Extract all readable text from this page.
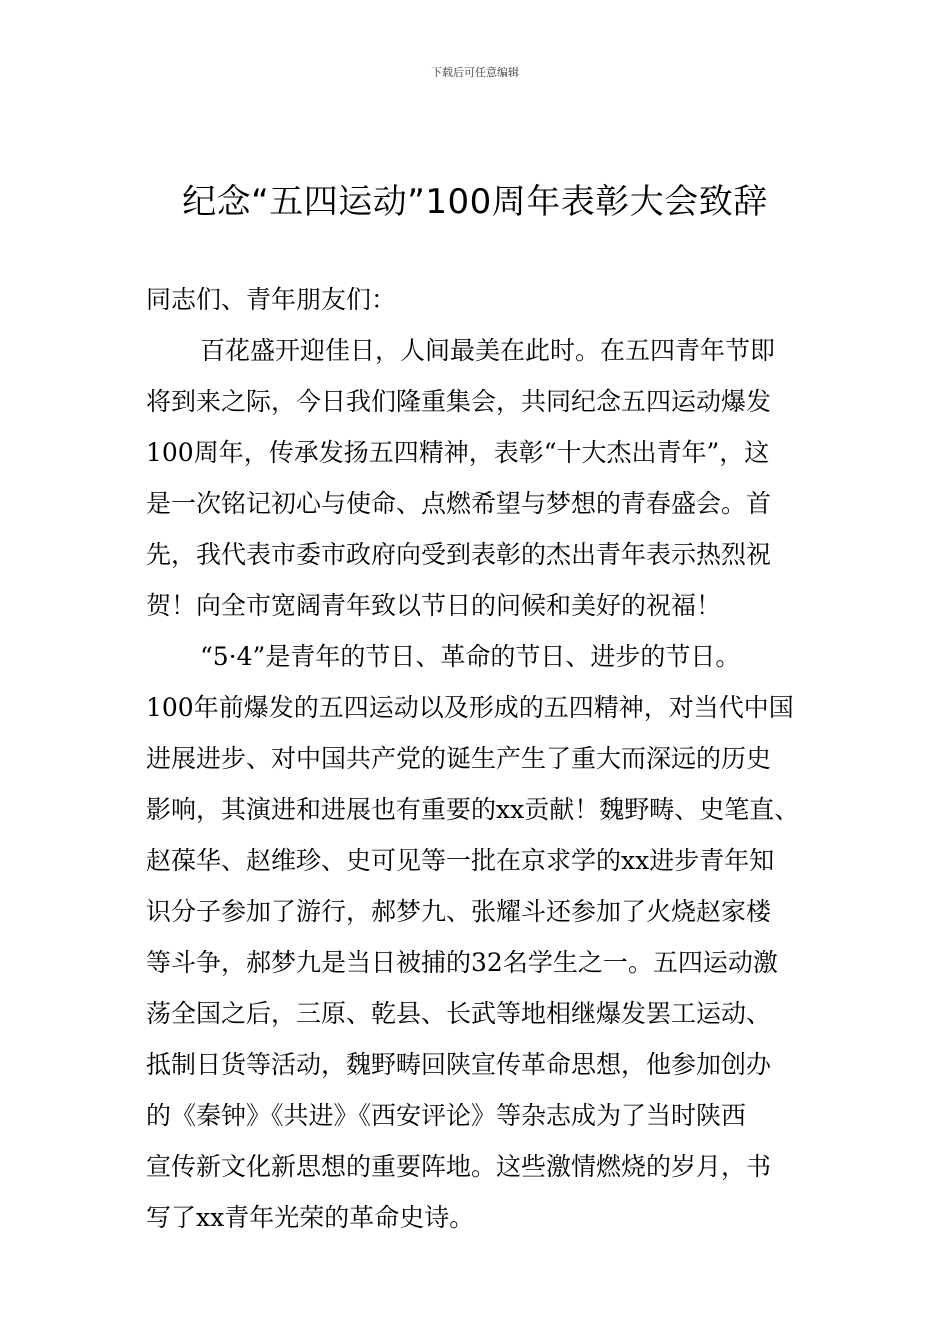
下载后可任意编辑
纪念“五四运动”100周年表彰大会致辞
同志们、青年朋友们：
百花盛开迎佳日，人间最美在此时。在五四青年节即
将到来之际，今日我们隆重集会，共同纪念五四运动爆发
100周年，传承发扬五四精神，表彰“十大杰出青年”，这
是一次铭记初心与使命、点燃希望与梦想的青春盛会。首
先，我代表市委市政府向受到表彰的杰出青年表示热烈祝
贺！向全市宽阔青年致以节日的问候和美好的祝福！
“5·4”是青年的节日、革命的节日、进步的节日。
100年前爆发的五四运动以及形成的五四精神，对当代中国
进展进步、对中国共产党的诞生产生了重大而深远的历史
影响，其演进和进展也有重要的xx贡献！魏野畴、史笔直、
赵葆华、赵维珍、史可见等一批在京求学的xx进步青年知
识分子参加了游行，郝梦九、张耀斗还参加了火烧赵家楼
等斗争，郝梦九是当日被捕的32名学生之一。五四运动激
荡全国之后，三原、乾县、长武等地相继爆发罢工运动、
抵制日货等活动，魏野畴回陕宣传革命思想，他参加创办
的《秦钟》《共进》《西安评论》等杂志成为了当时陕西
宣传新文化新思想的重要阵地。这些激情燃烧的岁月，书
写了xx青年光荣的革命史诗。
